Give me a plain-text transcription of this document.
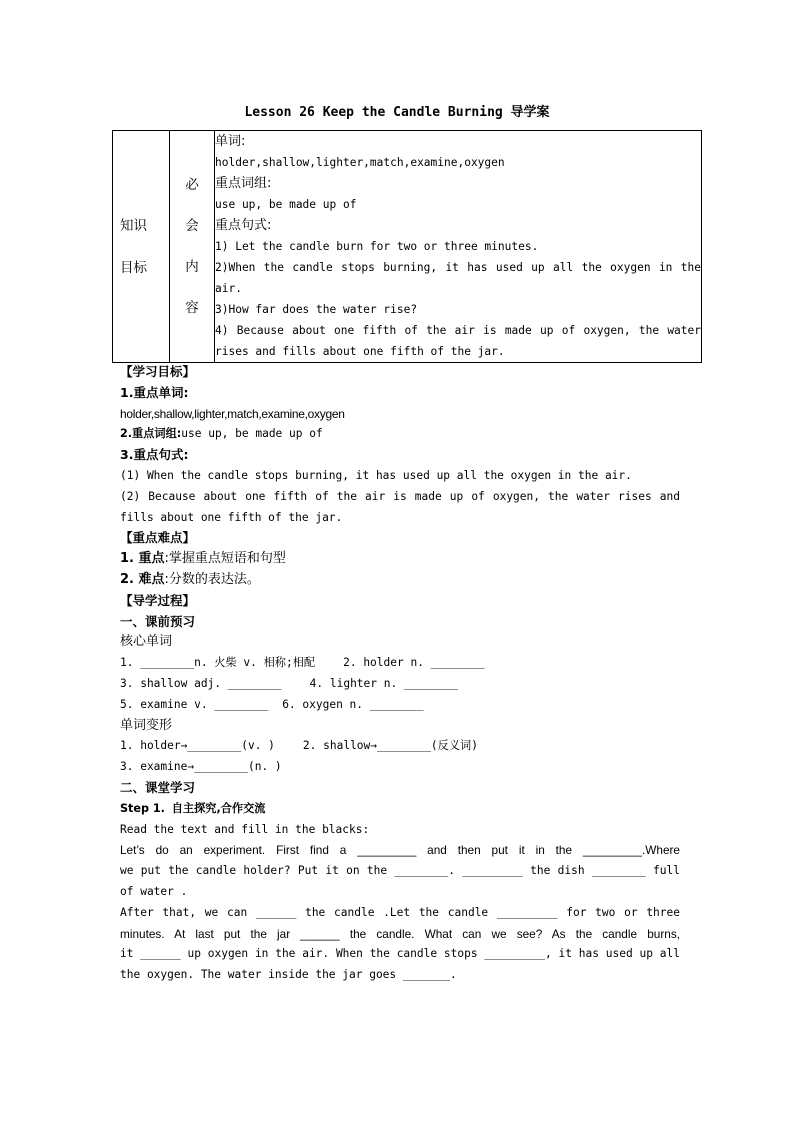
Lesson 26 Keep the Candle Burning 导学案
知识
目标

必
会
内
容

单词:
holder,shallow,lighter,match,examine,oxygen
重点词组:
use up, be made up of
重点句式:
1) Let the candle burn for two or three minutes.
2)When the candle stops burning, it has used up all the oxygen in the
air.
3)How far does the water rise?
4) Because about one fifth of the air is made up of oxygen, the water
rises and fills about one fifth of the jar.
【学习目标】
1.重点单词:
holder,shallow,lighter,match,examine,oxygen
2.重点词组:use up, be made up of
3.重点句式:
(1) When the candle stops burning, it has used up all the oxygen in the air.
(2) Because about one fifth of the air is made up of oxygen, the water rises and
fills about one fifth of the jar.
【重点难点】
1. 重点:掌握重点短语和句型
2. 难点:分数的表达法。
【导学过程】
一、课前预习
核心单词
1. ________n. 火柴 v. 相称;相配	2. holder n. ________
3. shallow adj. ________	4. lighter n. ________
5. examine v. ________ 6. oxygen n. ________
单词变形
1. holder→________(v. )	2. shallow→________(反义词)
3. examine→________(n. )
二、课堂学习
Step 1. 自主探究,合作交流
Read the text and fill in the blacks:
Let’s do an experiment. First find a _________ and then put it in the _________.Where
we put the candle holder? Put it on the ________. _________ the dish ________ full
of water .
After that, we can ______ the candle .Let the candle _________ for two or three
minutes. At last put the jar ______ the candle. What can we see? As the candle burns,
it ______ up oxygen in the air. When the candle stops _________, it has used up all
the oxygen. The water inside the jar goes _______.
